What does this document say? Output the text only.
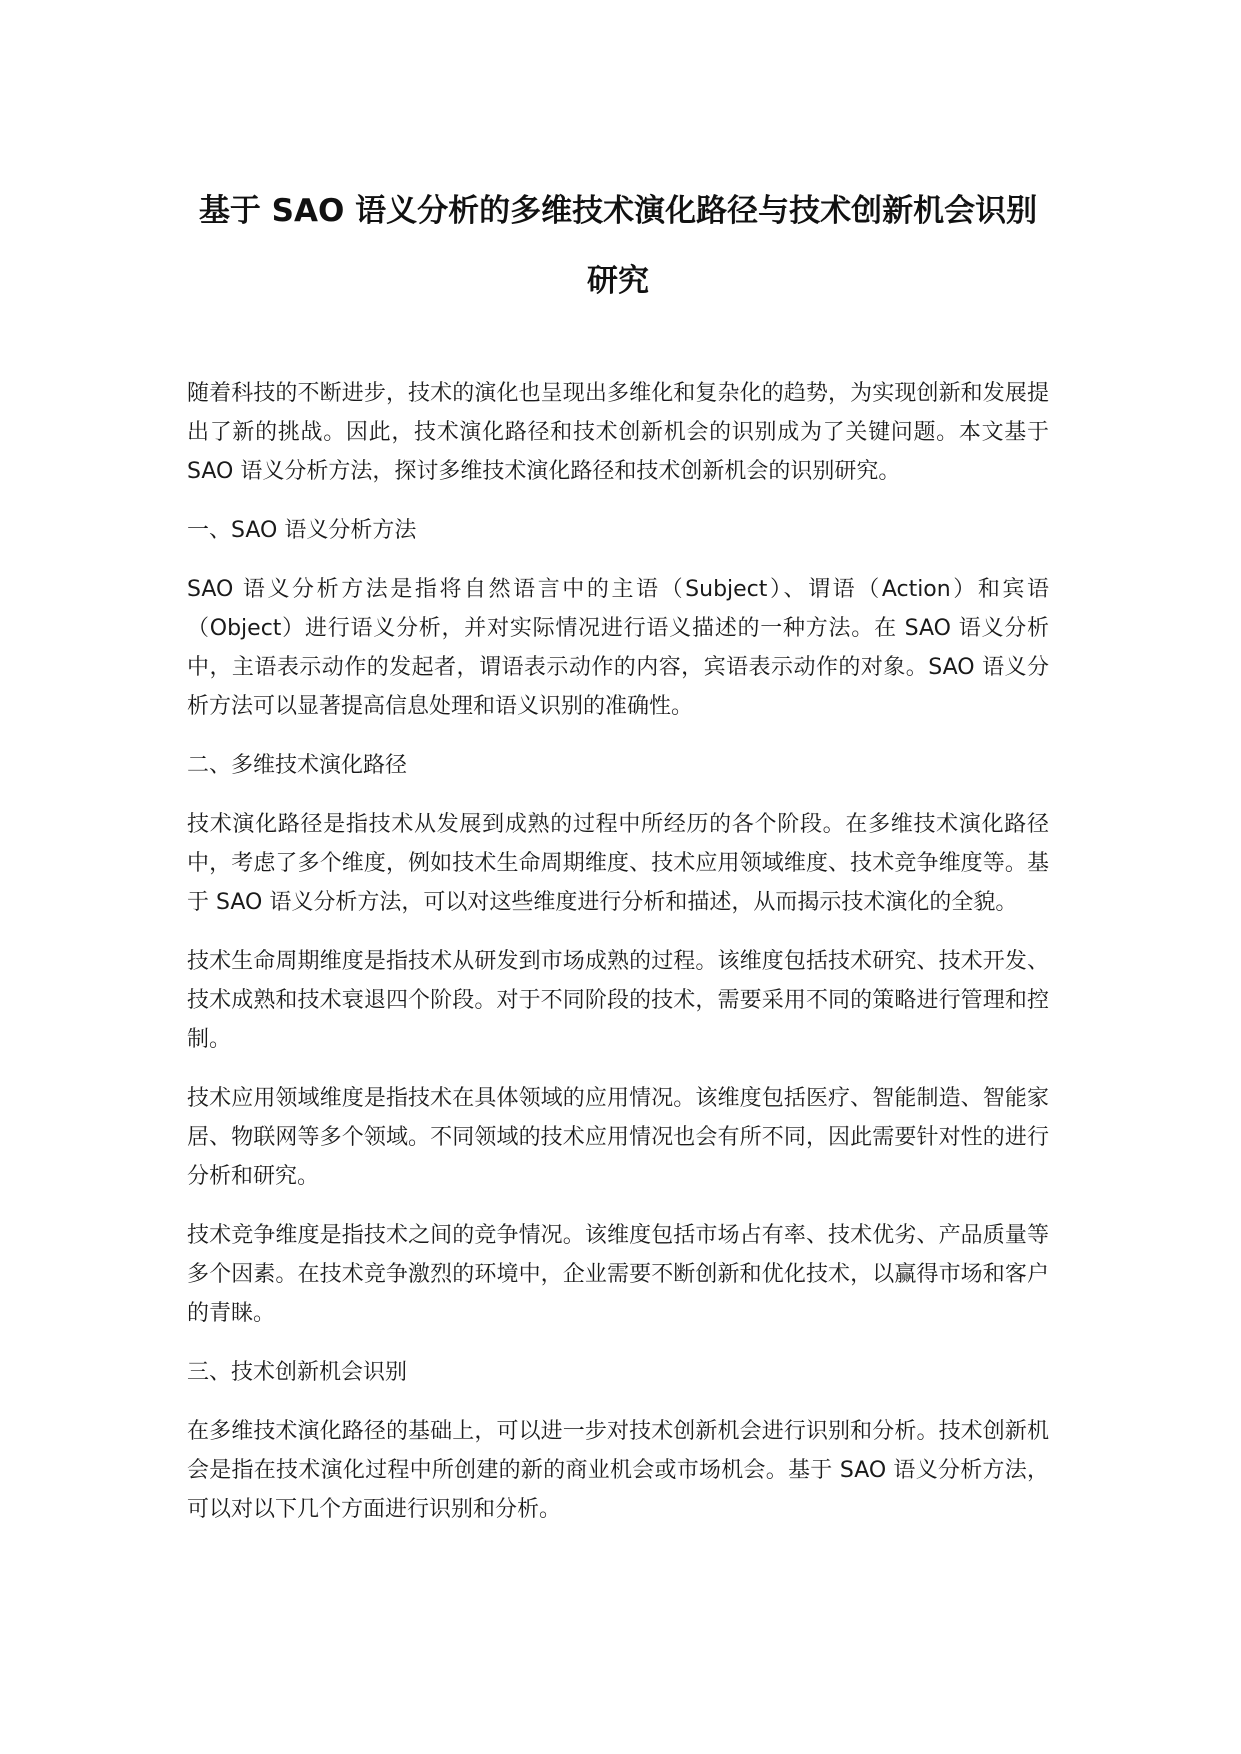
基于 SAO 语义分析的多维技术演化路径与技术创新机会识别研究

随着科技的不断进步，技术的演化也呈现出多维化和复杂化的趋势，为实现创新和发展提出了新的挑战。因此，技术演化路径和技术创新机会的识别成为了关键问题。本文基于 SAO 语义分析方法，探讨多维技术演化路径和技术创新机会的识别研究。

一、SAO 语义分析方法

SAO 语义分析方法是指将自然语言中的主语（Subject）、谓语（Action）和宾语（Object）进行语义分析，并对实际情况进行语义描述的一种方法。在 SAO 语义分析中，主语表示动作的发起者，谓语表示动作的内容，宾语表示动作的对象。SAO 语义分析方法可以显著提高信息处理和语义识别的准确性。

二、多维技术演化路径

技术演化路径是指技术从发展到成熟的过程中所经历的各个阶段。在多维技术演化路径中，考虑了多个维度，例如技术生命周期维度、技术应用领域维度、技术竞争维度等。基于 SAO 语义分析方法，可以对这些维度进行分析和描述，从而揭示技术演化的全貌。

技术生命周期维度是指技术从研发到市场成熟的过程。该维度包括技术研究、技术开发、技术成熟和技术衰退四个阶段。对于不同阶段的技术，需要采用不同的策略进行管理和控制。

技术应用领域维度是指技术在具体领域的应用情况。该维度包括医疗、智能制造、智能家居、物联网等多个领域。不同领域的技术应用情况也会有所不同，因此需要针对性的进行分析和研究。

技术竞争维度是指技术之间的竞争情况。该维度包括市场占有率、技术优劣、产品质量等多个因素。在技术竞争激烈的环境中，企业需要不断创新和优化技术，以赢得市场和客户的青睐。

三、技术创新机会识别

在多维技术演化路径的基础上，可以进一步对技术创新机会进行识别和分析。技术创新机会是指在技术演化过程中所创建的新的商业机会或市场机会。基于 SAO 语义分析方法，可以对以下几个方面进行识别和分析。
